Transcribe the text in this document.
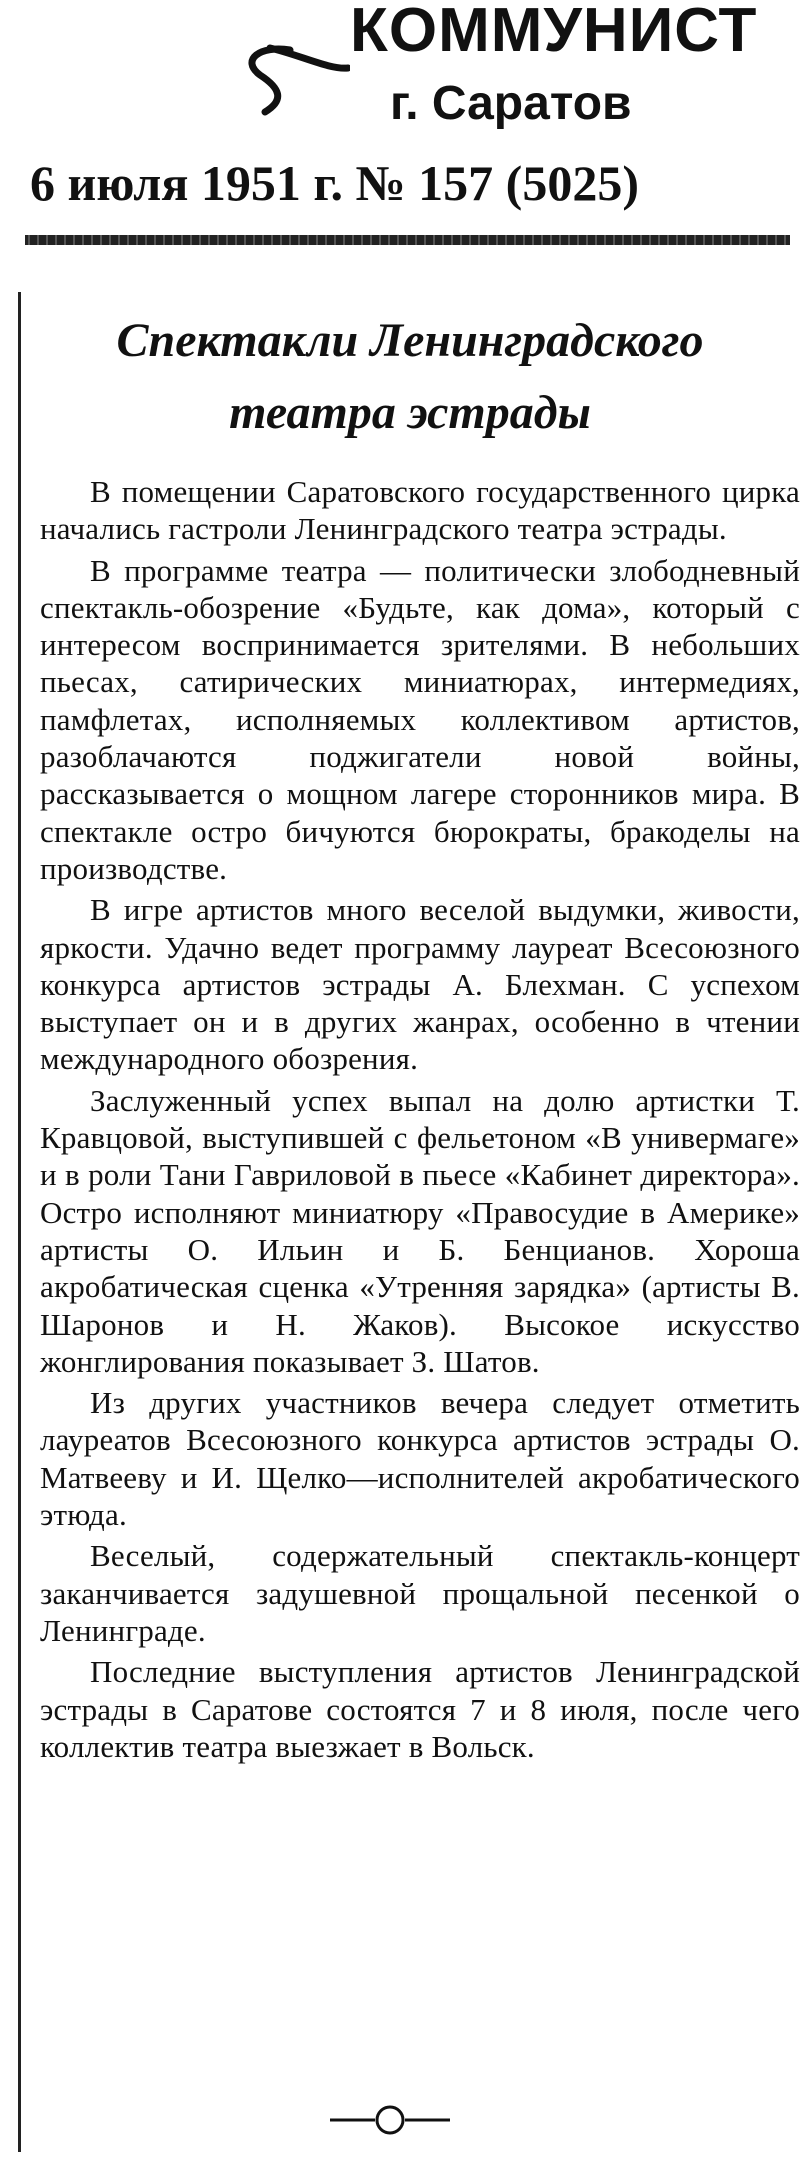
КОММУНИСТ
г. Саратов
6 июля 1951 г. № 157 (5025)
Спектакли Ленинградского театра эстрады

В помещении Саратовского государственного цирка начались гастроли Ленинградского театра эстрады.

В программе театра — политически злободневный спектакль-обозрение «Будьте, как дома», который с интересом воспринимается зрителями. В небольших пьесах, сатирических миниатюрах, интермедиях, памфлетах, исполняемых коллективом артистов, разоблачаются поджигатели новой войны, рассказывается о мощном лагере сторонников мира. В спектакле остро бичуются бюрократы, бракоделы на производстве.

В игре артистов много веселой выдумки, живости, яркости. Удачно ведет программу лауреат Всесоюзного конкурса артистов эстрады А. Блехман. С успехом выступает он и в других жанрах, особенно в чтении международного обозрения.

Заслуженный успех выпал на долю артистки Т. Кравцовой, выступившей с фельетоном «В универмаге» и в роли Тани Гавриловой в пьесе «Кабинет директора». Остро исполняют миниатюру «Правосудие в Америке» артисты О. Ильин и Б. Бенцианов. Хороша акробатическая сценка «Утренняя зарядка» (артисты В. Шаронов и Н. Жаков). Высокое искусство жонглирования показывает З. Шатов.

Из других участников вечера следует отметить лауреатов Всесоюзного конкурса артистов эстрады О. Матвееву и И. Щелко—исполнителей акробатического этюда.

Веселый, содержательный спектакль-концерт заканчивается задушевной прощальной песенкой о Ленинграде.

Последние выступления артистов Ленинградской эстрады в Саратове состоятся 7 и 8 июля, после чего коллектив театра выезжает в Вольск.
